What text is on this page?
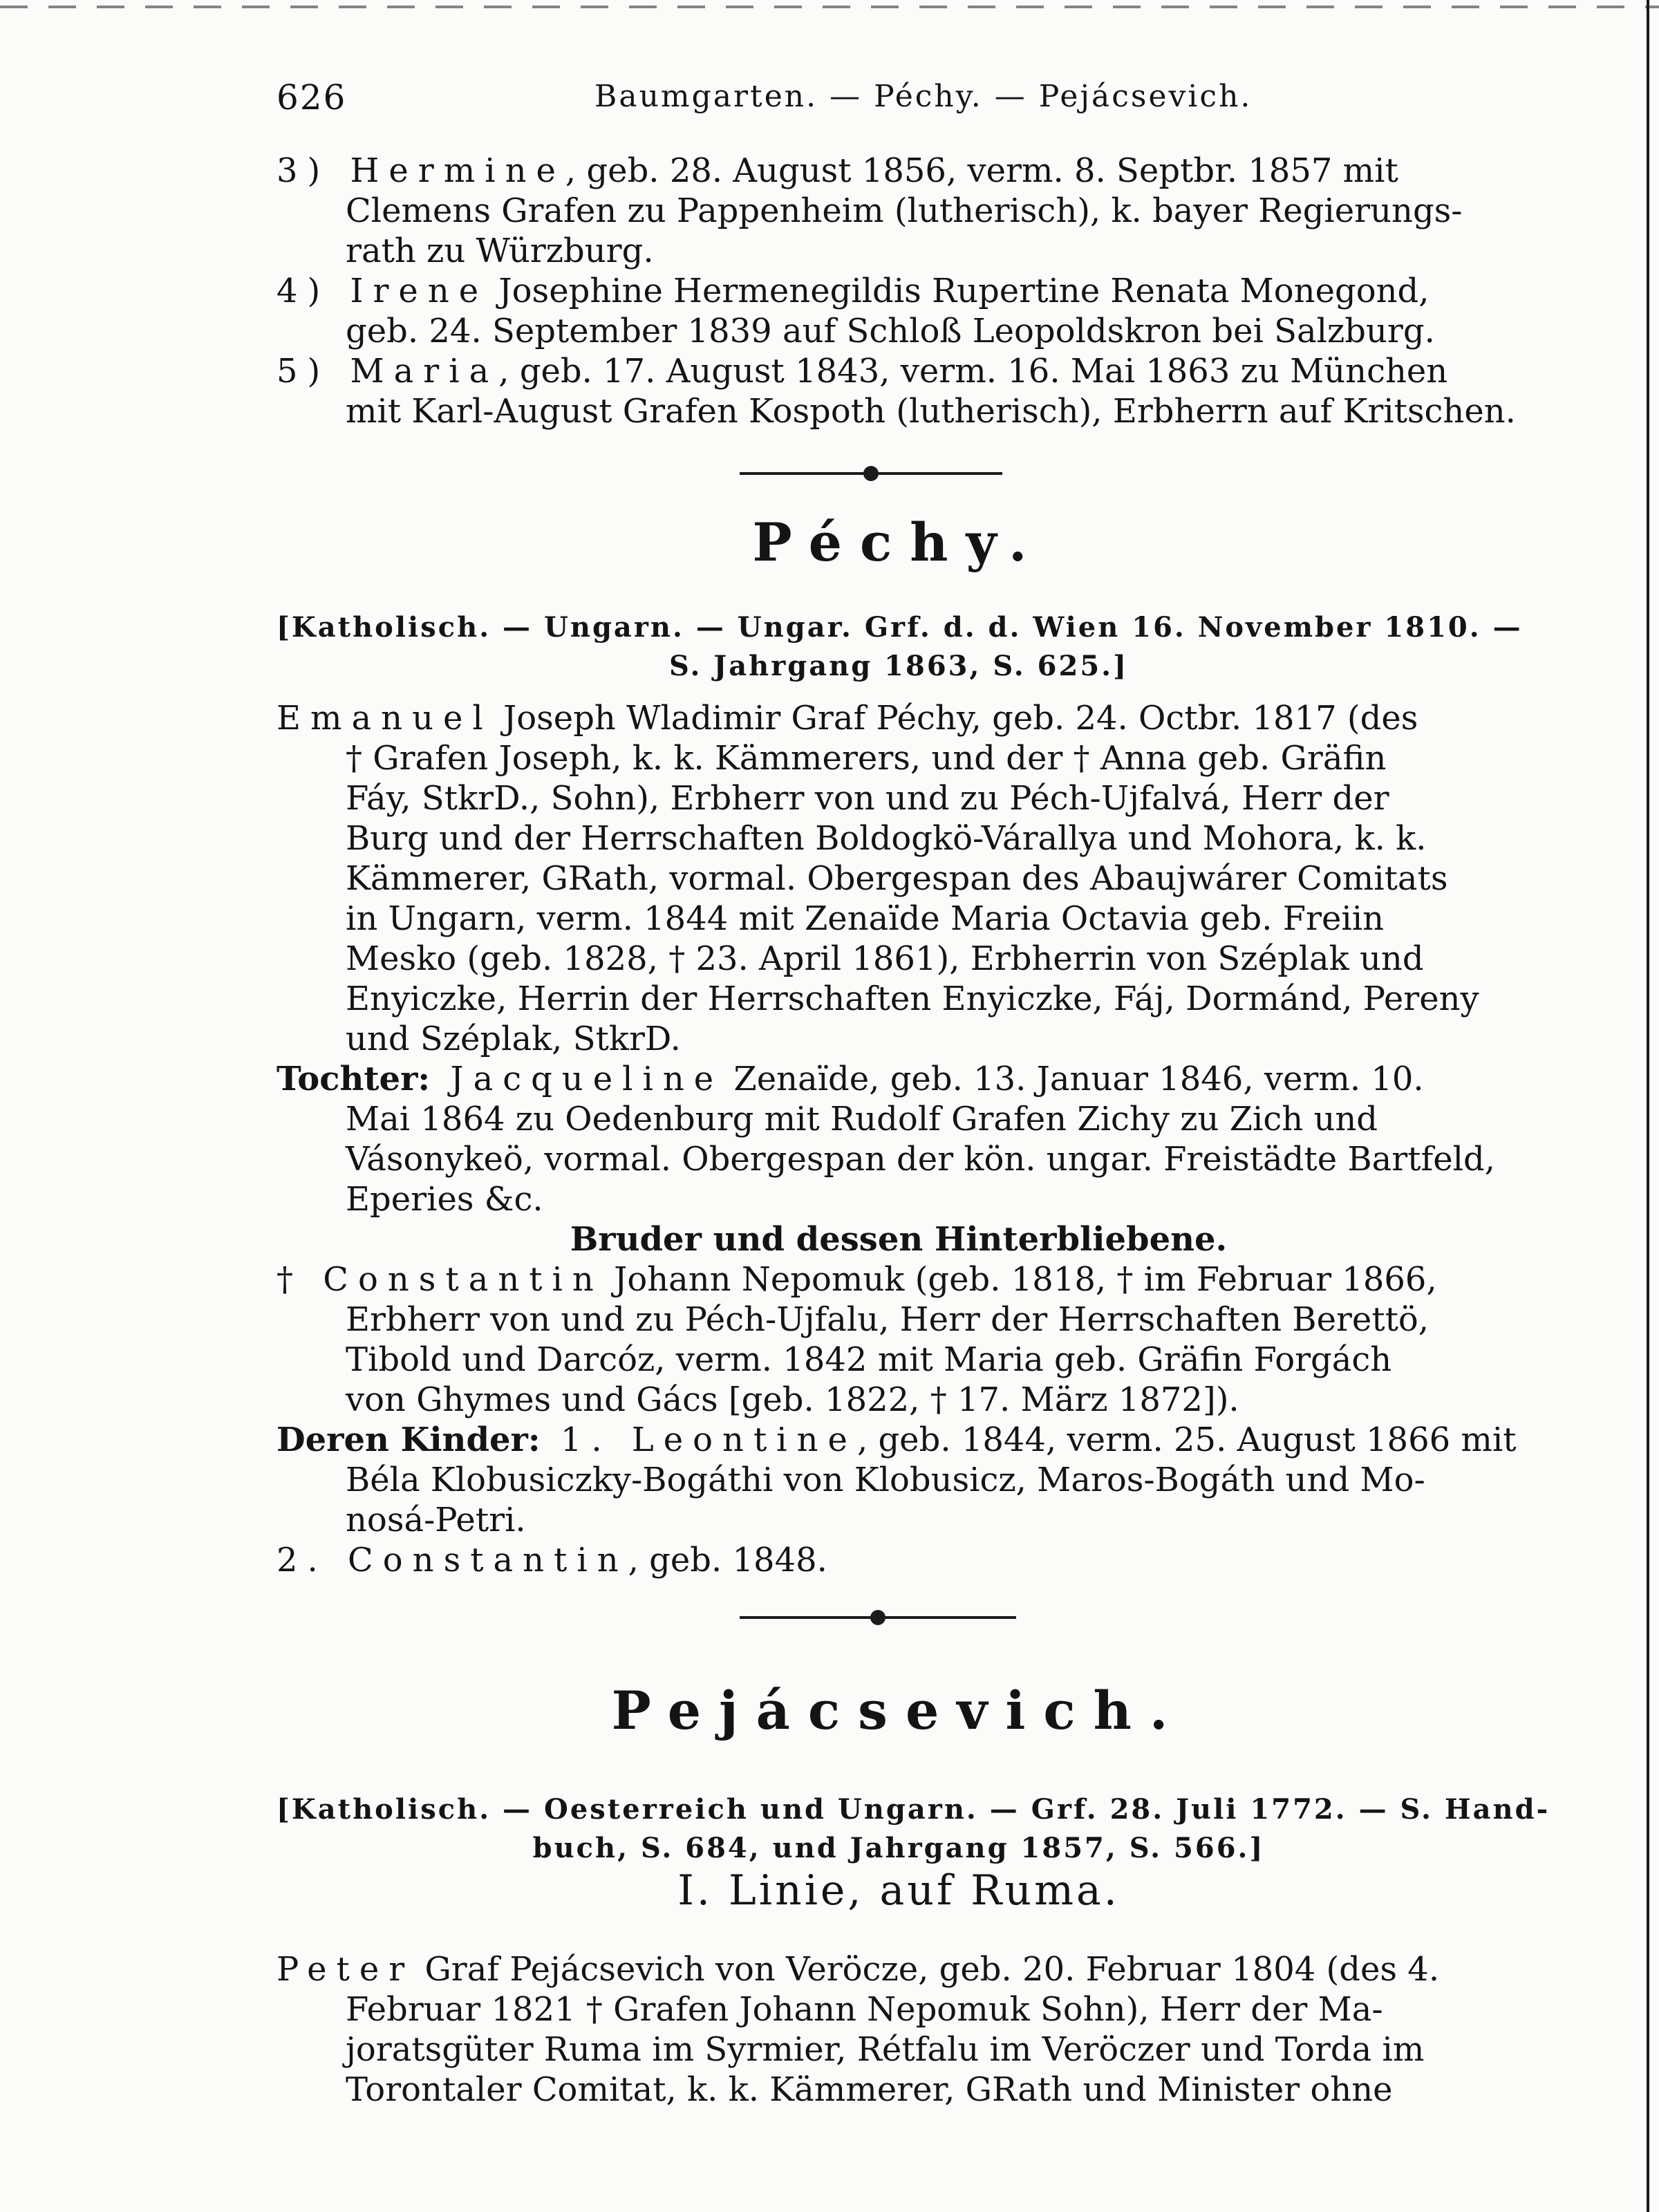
626	Baumgarten. — Péchy. — Pejácsevich.
3) Hermine, geb. 28. August 1856, verm. 8. Septbr. 1857 mit
Clemens Grafen zu Pappenheim (lutherisch), k. bayer Regierungs-
rath zu Würzburg.
4) Irene Josephine Hermenegildis Rupertine Renata Monegond,
geb. 24. September 1839 auf Schloß Leopoldskron bei Salzburg.
5) Maria, geb. 17. August 1843, verm. 16. Mai 1863 zu München
mit Karl-August Grafen Kospoth (lutherisch), Erbherrn auf Kritschen.
Péchy.
[Katholisch. — Ungarn. — Ungar. Grf. d. d. Wien 16. November 1810. —
S. Jahrgang 1863, S. 625.]
Emanuel Joseph Wladimir Graf Péchy, geb. 24. Octbr. 1817 (des
† Grafen Joseph, k. k. Kämmerers, und der † Anna geb. Gräfin
Fáy, StkrD., Sohn), Erbherr von und zu Péch-Ujfalvá, Herr der
Burg und der Herrschaften Boldogkö-Várallya und Mohora, k. k.
Kämmerer, GRath, vormal. Obergespan des Abaujwárer Comitats
in Ungarn, verm. 1844 mit Zenaïde Maria Octavia geb. Freiin
Mesko (geb. 1828, † 23. April 1861), Erbherrin von Széplak und
Enyiczke, Herrin der Herrschaften Enyiczke, Fáj, Dormánd, Pereny
und Széplak, StkrD.
Tochter: Jacqueline Zenaïde, geb. 13. Januar 1846, verm. 10.
Mai 1864 zu Oedenburg mit Rudolf Grafen Zichy zu Zich und
Vásonykeö, vormal. Obergespan der kön. ungar. Freistädte Bartfeld,
Eperies &c.
Bruder und dessen Hinterbliebene.
† Constantin Johann Nepomuk (geb. 1818, † im Februar 1866,
Erbherr von und zu Péch-Ujfalu, Herr der Herrschaften Berettö,
Tibold und Darcóz, verm. 1842 mit Maria geb. Gräfin Forgách
von Ghymes und Gács [geb. 1822, † 17. März 1872]).
Deren Kinder: 1. Leontine, geb. 1844, verm. 25. August 1866 mit
Béla Klobusiczky-Bogáthi von Klobusicz, Maros-Bogáth und Mo-
nosá-Petri.
2. Constantin, geb. 1848.
Pejácsevich.
[Katholisch. — Oesterreich und Ungarn. — Grf. 28. Juli 1772. — S. Hand-
buch, S. 684, und Jahrgang 1857, S. 566.]
I. Linie, auf Ruma.
Peter Graf Pejácsevich von Veröcze, geb. 20. Februar 1804 (des 4.
Februar 1821 † Grafen Johann Nepomuk Sohn), Herr der Ma-
joratsgüter Ruma im Syrmier, Rétfalu im Veröczer und Torda im
Torontaler Comitat, k. k. Kämmerer, GRath und Minister ohne
